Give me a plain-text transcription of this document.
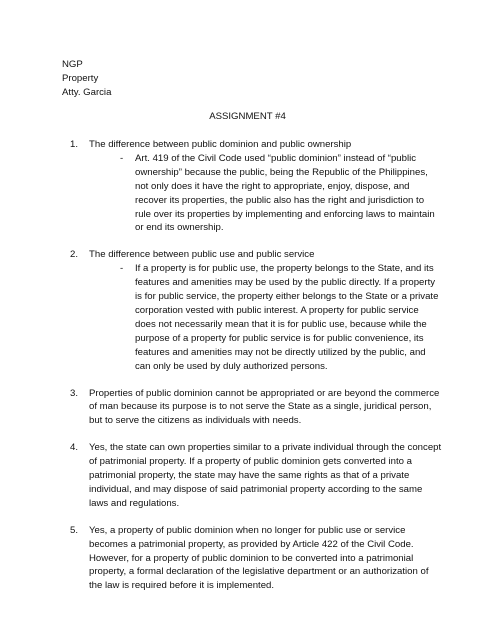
NGP
Property
Atty. Garcia
ASSIGNMENT #4
1. The difference between public dominion and public ownership
- Art. 419 of the Civil Code used “public dominion” instead of “public ownership” because the public, being the Republic of the Philippines, not only does it have the right to appropriate, enjoy, dispose, and recover its properties, the public also has the right and jurisdiction to rule over its properties by implementing and enforcing laws to maintain or end its ownership.
2. The difference between public use and public service
- If a property is for public use, the property belongs to the State, and its features and amenities may be used by the public directly. If a property is for public service, the property either belongs to the State or a private corporation vested with public interest. A property for public service does not necessarily mean that it is for public use, because while the purpose of a property for public service is for public convenience, its features and amenities may not be directly utilized by the public, and can only be used by duly authorized persons.
3. Properties of public dominion cannot be appropriated or are beyond the commerce of man because its purpose is to not serve the State as a single, juridical person, but to serve the citizens as individuals with needs.
4. Yes, the state can own properties similar to a private individual through the concept of patrimonial property. If a property of public dominion gets converted into a patrimonial property, the state may have the same rights as that of a private individual, and may dispose of said patrimonial property according to the same laws and regulations.
5. Yes, a property of public dominion when no longer for public use or service becomes a patrimonial property, as provided by Article 422 of the Civil Code. However, for a property of public dominion to be converted into a patrimonial property, a formal declaration of the legislative department or an authorization of the law is required before it is implemented.
